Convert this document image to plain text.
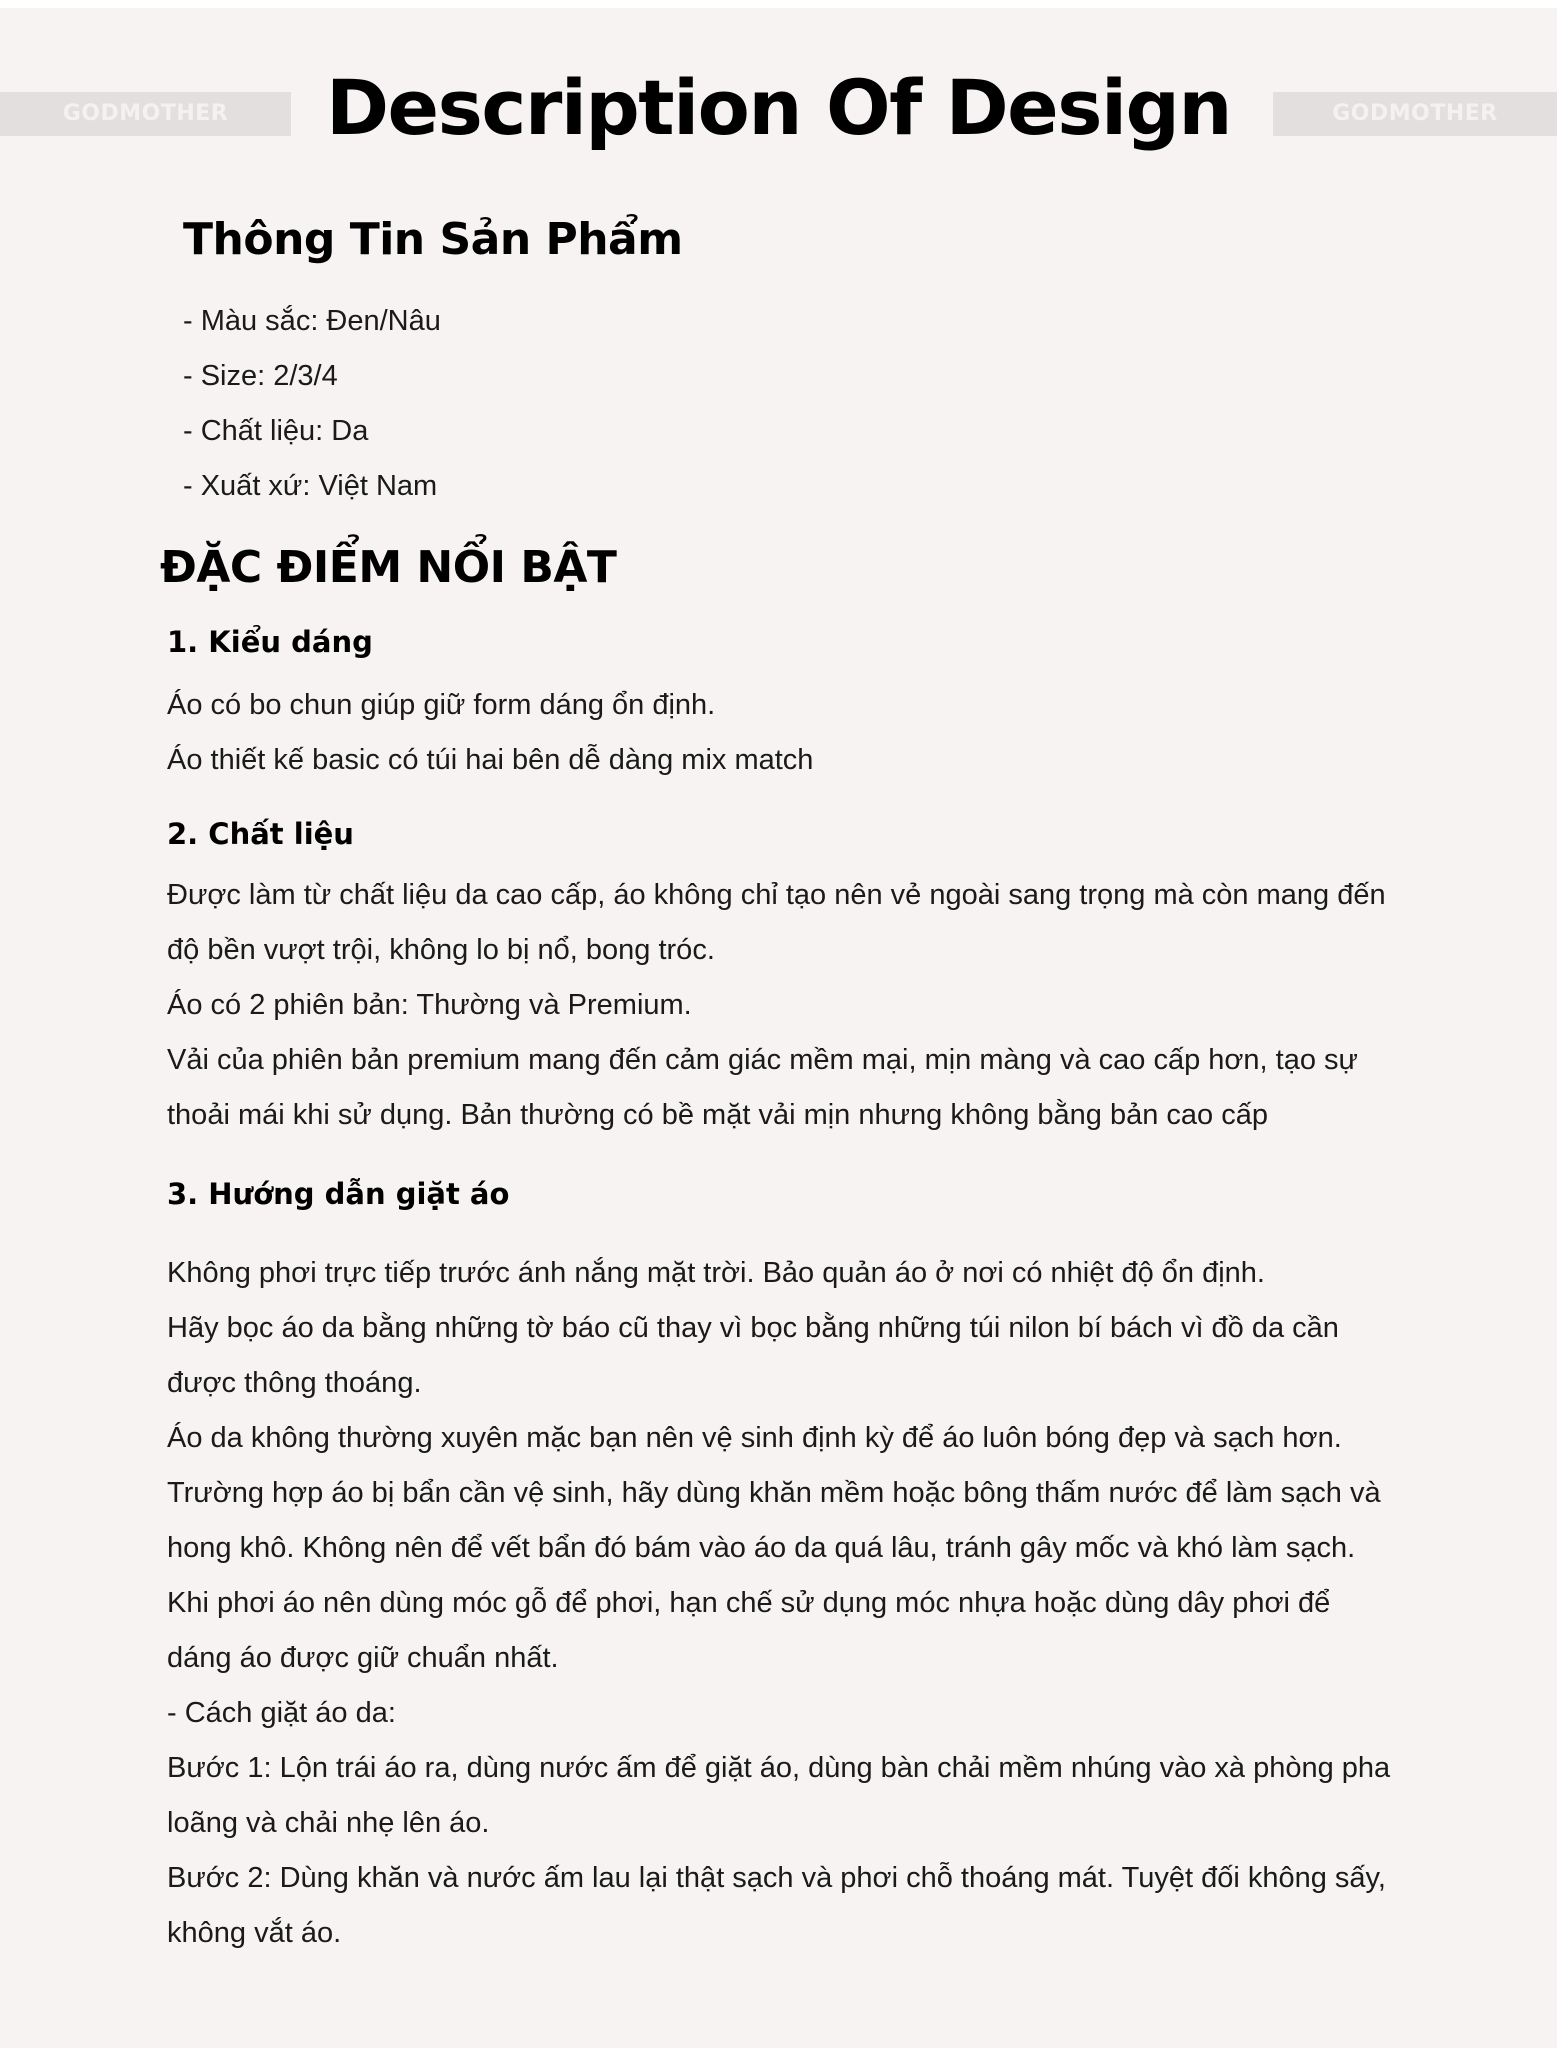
GODMOTHER	GODMOTHER
Description Of Design
Thông Tin Sản Phẩm
- Màu sắc: Đen/Nâu
- Size: 2/3/4
- Chất liệu: Da
- Xuất xứ: Việt Nam
ĐẶC ĐIỂM NỔI BẬT
1. Kiểu dáng

Áo có bo chun giúp giữ form dáng ổn định.

Áo thiết kế basic có túi hai bên dễ dàng mix match

2. Chất liệu

Được làm từ chất liệu da cao cấp, áo không chỉ tạo nên vẻ ngoài sang trọng mà còn mang đến

độ bền vượt trội, không lo bị nổ, bong tróc.

Áo có 2 phiên bản: Thường và Premium.

Vải của phiên bản premium mang đến cảm giác mềm mại, mịn màng và cao cấp hơn, tạo sự

thoải mái khi sử dụng. Bản thường có bề mặt vải mịn nhưng không bằng bản cao cấp

3. Hướng dẫn giặt áo

Không phơi trực tiếp trước ánh nắng mặt trời. Bảo quản áo ở nơi có nhiệt độ ổn định.

Hãy bọc áo da bằng những tờ báo cũ thay vì bọc bằng những túi nilon bí bách vì đồ da cần

được thông thoáng.

Áo da không thường xuyên mặc bạn nên vệ sinh định kỳ để áo luôn bóng đẹp và sạch hơn.

Trường hợp áo bị bẩn cần vệ sinh, hãy dùng khăn mềm hoặc bông thấm nước để làm sạch và

hong khô. Không nên để vết bẩn đó bám vào áo da quá lâu, tránh gây mốc và khó làm sạch.

Khi phơi áo nên dùng móc gỗ để phơi, hạn chế sử dụng móc nhựa hoặc dùng dây phơi để

dáng áo được giữ chuẩn nhất.

- Cách giặt áo da:

Bước 1: Lộn trái áo ra, dùng nước ấm để giặt áo, dùng bàn chải mềm nhúng vào xà phòng pha

loãng và chải nhẹ lên áo.

Bước 2: Dùng khăn và nước ấm lau lại thật sạch và phơi chỗ thoáng mát. Tuyệt đối không sấy,

không vắt áo.
